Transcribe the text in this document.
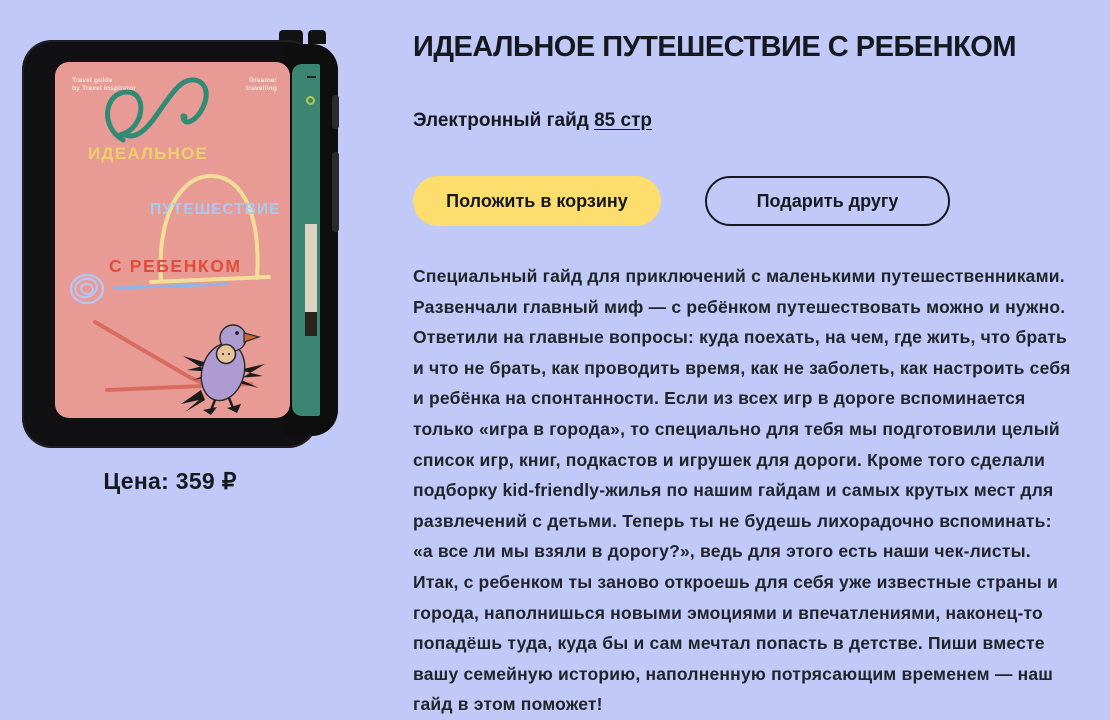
Travel guide
by Travel Inspirator
Dreamer
travelling
ИДЕАЛЬНОЕ
ПУТЕШЕСТВИЕ
С РЕБЕНКОМ
Цена: 359 ₽
ИДЕАЛЬНОЕ ПУТЕШЕСТВИЕ С РЕБЕНКОМ
Электронный гайд 85 стр
Положить в корзину	Подарить другу

Специальный гайд для приключений с маленькими путешественниками. Развенчали главный миф — с ребёнком путешествовать можно и нужно. Ответили на главные вопросы: куда поехать, на чем, где жить, что брать и что не брать, как проводить время, как не заболеть, как настроить себя и ребёнка на спонтанности. Если из всех игр в дороге вспоминается только «игра в города», то специально для тебя мы подготовили целый список игр, книг, подкастов и игрушек для дороги. Кроме того сделали подборку kid-friendly-жилья по нашим гайдам и самых крутых мест для развлечений с детьми. Теперь ты не будешь лихорадочно вспоминать: «а все ли мы взяли в дорогу?», ведь для этого есть наши чек-листы. Итак, с ребенком ты заново откроешь для себя уже известные страны и города, наполнишься новыми эмоциями и впечатлениями, наконец-то попадёшь туда, куда бы и сам мечтал попасть в детстве. Пиши вместе вашу семейную историю, наполненную потрясающим временем — наш гайд в этом поможет!
